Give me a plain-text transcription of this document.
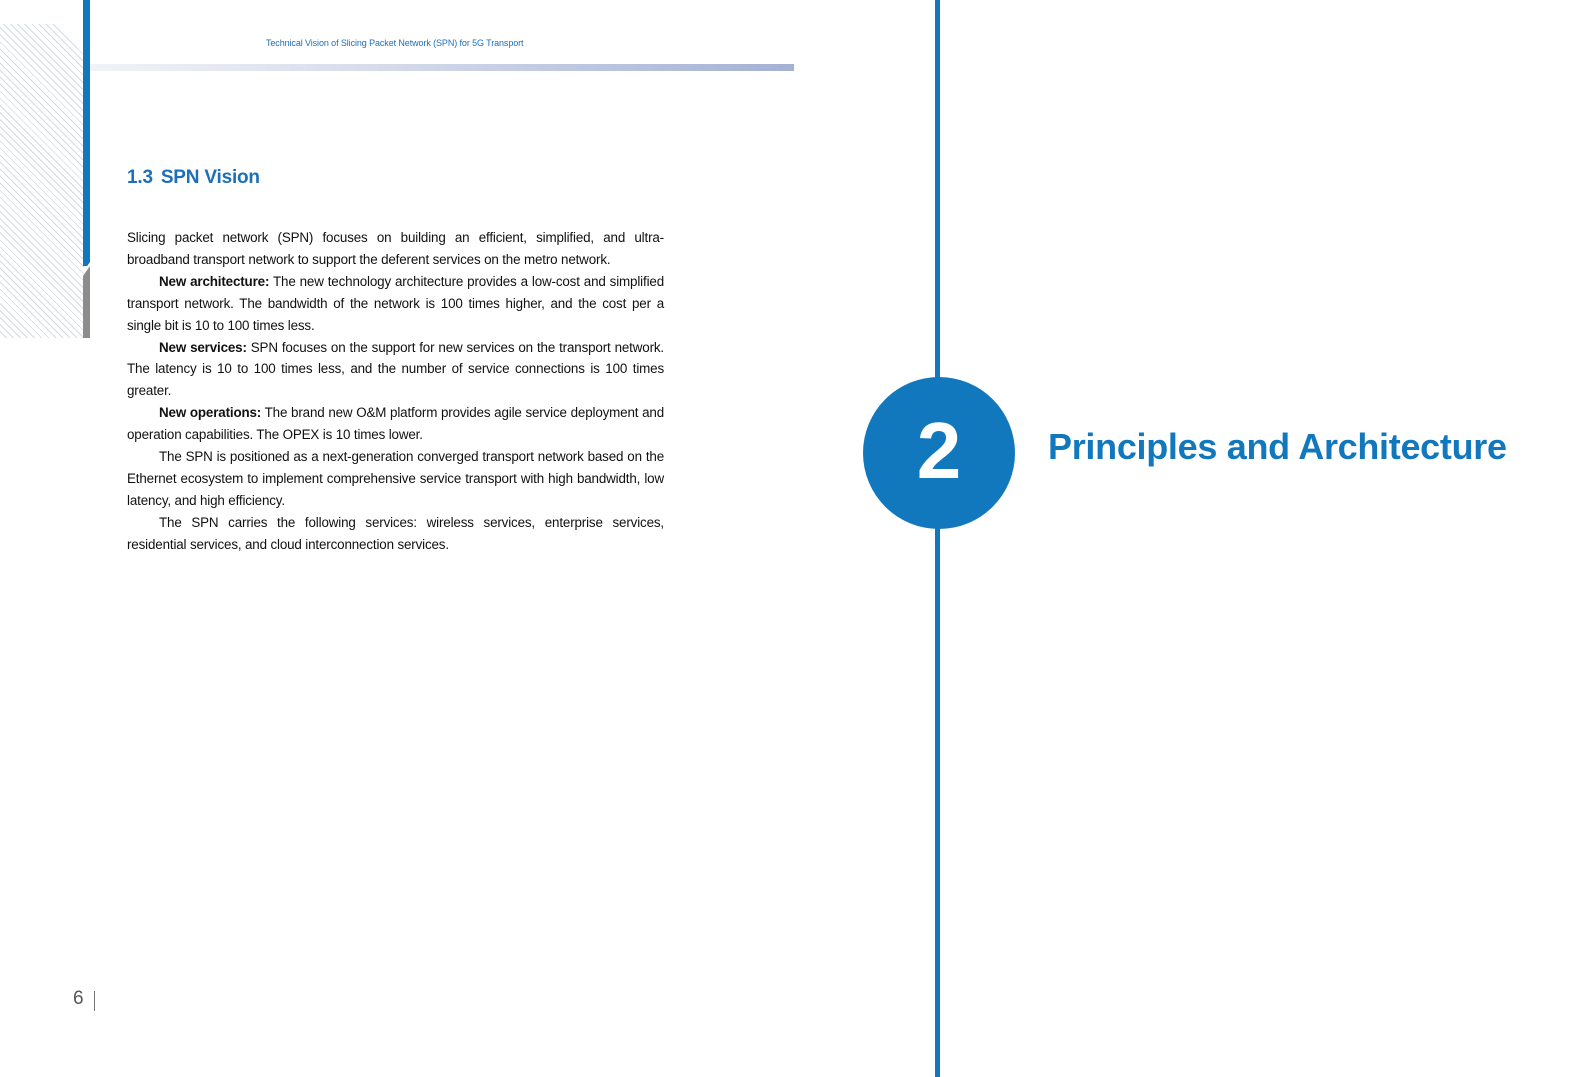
Technical Vision of Slicing Packet Network (SPN) for 5G Transport
1.3 SPN Vision

Slicing packet network (SPN) focuses on building an efficient, simplified, and ultra-broadband transport network to support the deferent services on the metro network.

New architecture: The new technology architecture provides a low-cost and simplified transport network. The bandwidth of the network is 100 times higher, and the cost per a single bit is 10 to 100 times less.

New services: SPN focuses on the support for new services on the transport network. The latency is 10 to 100 times less, and the number of service connections is 100 times greater.

New operations: The brand new O&M platform provides agile service deployment and operation capabilities. The OPEX is 10 times lower.

The SPN is positioned as a next-generation converged transport network based on the Ethernet ecosystem to implement comprehensive service transport with high bandwidth, low latency, and high efficiency.

The SPN carries the following services: wireless services, enterprise services, residential services, and cloud interconnection services.

6
2 Principles and Architecture
